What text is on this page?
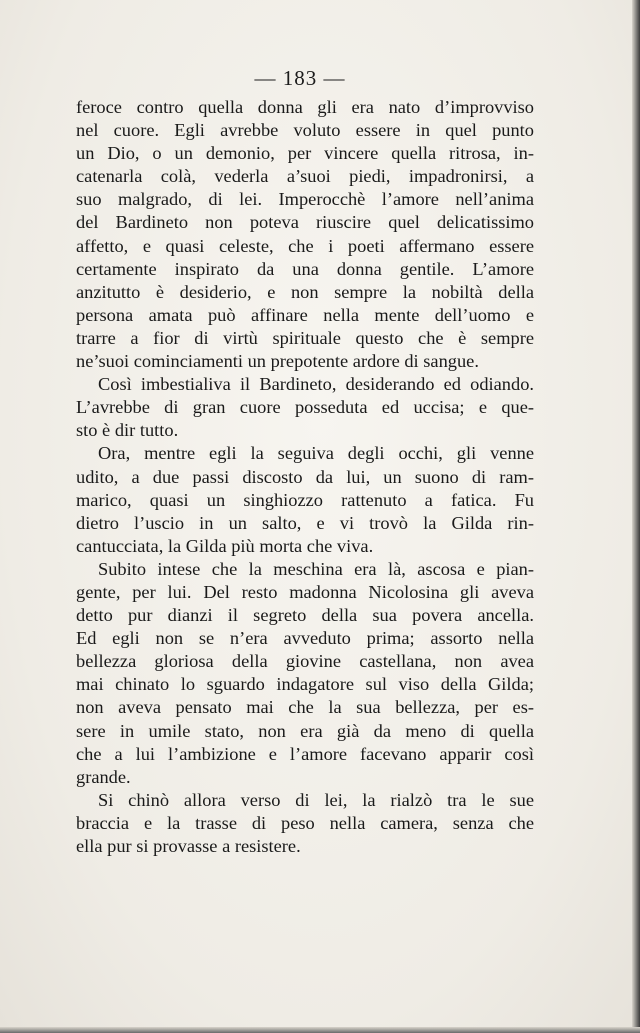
— 183 —
feroce contro quella donna gli era nato d’improvviso
nel cuore. Egli avrebbe voluto essere in quel punto
un Dio, o un demonio, per vincere quella ritrosa, in-
catenarla colà, vederla a’suoi piedi, impadronirsi, a
suo malgrado, di lei. Imperocchè l’amore nell’anima
del Bardineto non poteva riuscire quel delicatissimo
affetto, e quasi celeste, che i poeti affermano essere
certamente inspirato da una donna gentile. L’amore
anzitutto è desiderio, e non sempre la nobiltà della
persona amata può affinare nella mente dell’uomo e
trarre a fior di virtù spirituale questo che è sempre
ne’suoi cominciamenti un prepotente ardore di sangue.
Così imbestialiva il Bardineto, desiderando ed odiando.
L’avrebbe di gran cuore posseduta ed uccisa; e que-
sto è dir tutto.
Ora, mentre egli la seguiva degli occhi, gli venne
udito, a due passi discosto da lui, un suono di ram-
marico, quasi un singhiozzo rattenuto a fatica. Fu
dietro l’uscio in un salto, e vi trovò la Gilda rin-
cantucciata, la Gilda più morta che viva.
Subito intese che la meschina era là, ascosa e pian-
gente, per lui. Del resto madonna Nicolosina gli aveva
detto pur dianzi il segreto della sua povera ancella.
Ed egli non se n’era avveduto prima; assorto nella
bellezza gloriosa della giovine castellana, non avea
mai chinato lo sguardo indagatore sul viso della Gilda;
non aveva pensato mai che la sua bellezza, per es-
sere in umile stato, non era già da meno di quella
che a lui l’ambizione e l’amore facevano apparir così
grande.
Si chinò allora verso di lei, la rialzò tra le sue
braccia e la trasse di peso nella camera, senza che
ella pur si provasse a resistere.
